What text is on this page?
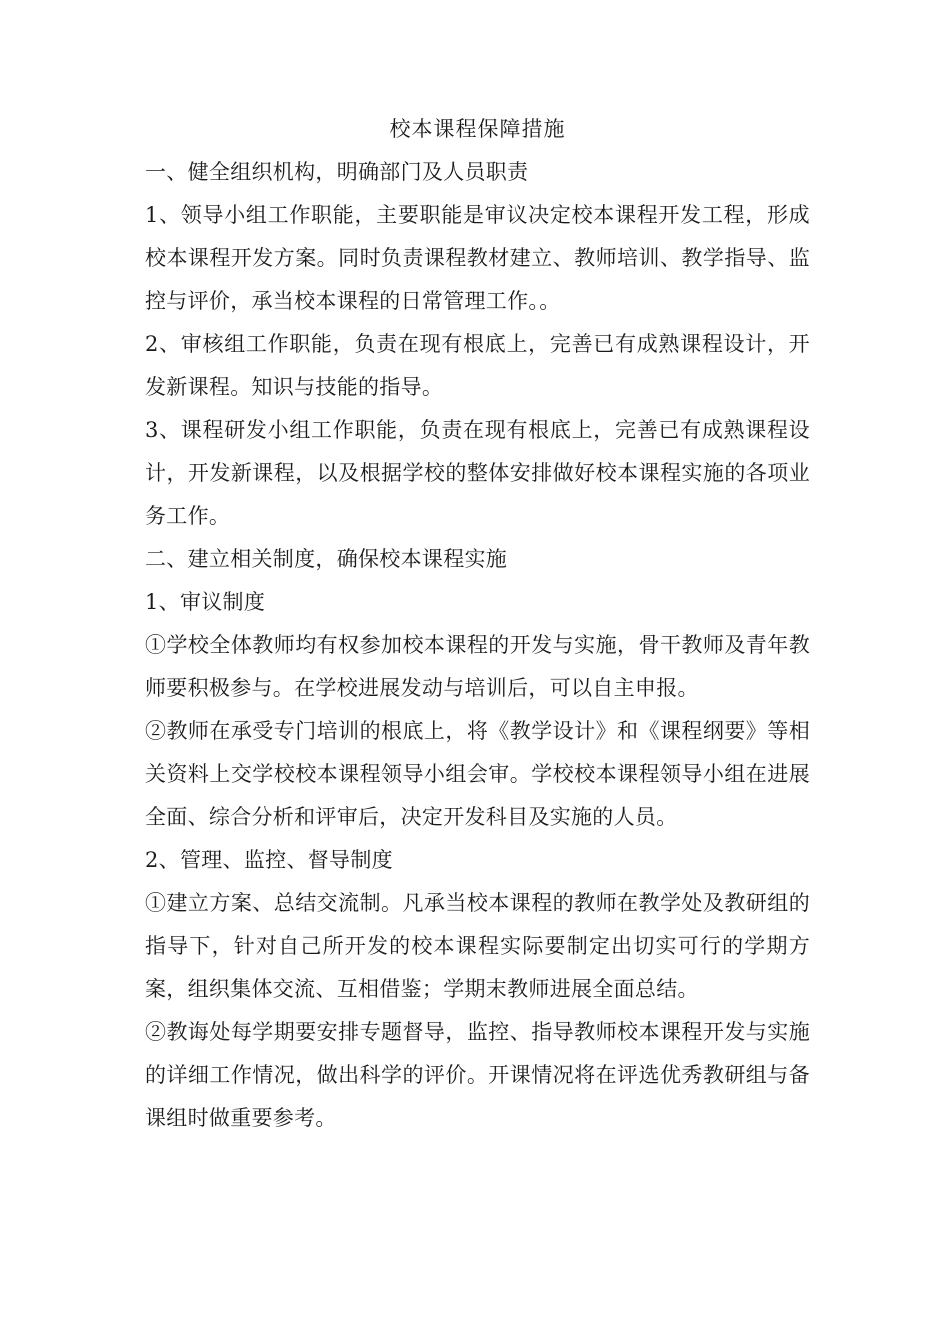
校本课程保障措施

一、健全组织机构，明确部门及人员职责

1、领导小组工作职能，主要职能是审议决定校本课程开发工程，形成校本课程开发方案。同时负责课程教材建立、教师培训、教学指导、监控与评价，承当校本课程的日常管理工作。。

2、审核组工作职能，负责在现有根底上，完善已有成熟课程设计，开发新课程。知识与技能的指导。

3、课程研发小组工作职能，负责在现有根底上，完善已有成熟课程设计，开发新课程，以及根据学校的整体安排做好校本课程实施的各项业务工作。

二、建立相关制度，确保校本课程实施

1、审议制度

①学校全体教师均有权参加校本课程的开发与实施，骨干教师及青年教师要积极参与。在学校进展发动与培训后，可以自主申报。

②教师在承受专门培训的根底上，将《教学设计》和《课程纲要》等相关资料上交学校校本课程领导小组会审。学校校本课程领导小组在进展全面、综合分析和评审后，决定开发科目及实施的人员。

2、管理、监控、督导制度

①建立方案、总结交流制。凡承当校本课程的教师在教学处及教研组的指导下，针对自己所开发的校本课程实际要制定出切实可行的学期方案，组织集体交流、互相借鉴；学期末教师进展全面总结。

②教诲处每学期要安排专题督导，监控、指导教师校本课程开发与实施的详细工作情况，做出科学的评价。开课情况将在评选优秀教研组与备课组时做重要参考。
